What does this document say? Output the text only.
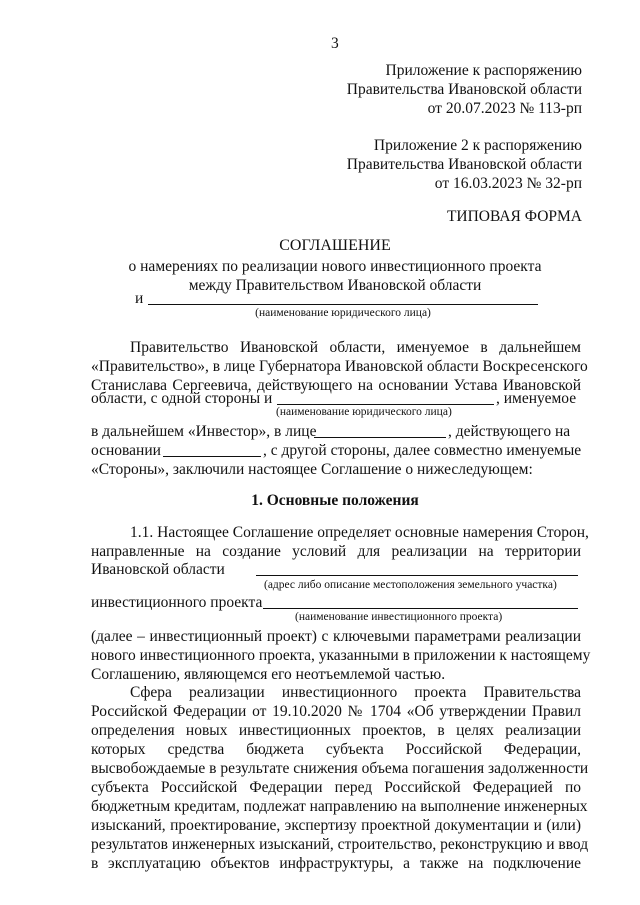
3
Приложение к распоряжению
Правительства Ивановской области
от 20.07.2023 № 113-рп
Приложение 2 к распоряжению
Правительства Ивановской области
от 16.03.2023 № 32-рп
ТИПОВАЯ ФОРМА
СОГЛАШЕНИЕ
о намерениях по реализации нового инвестиционного проекта
между Правительством Ивановской области
и
(наименование юридического лица)
Правительство Ивановской области, именуемое в дальнейшем
«Правительство», в лице Губернатора Ивановской области Воскресенского
Станислава Сергеевича, действующего на основании Устава Ивановской
области, с одной стороны и	, именуемое
(наименование юридического лица)
в дальнейшем «Инвестор», в лице	, действующего на
основании	, с другой стороны, далее совместно именуемые
«Стороны», заключили настоящее Соглашение о нижеследующем:
1. Основные положения
1.1. Настоящее Соглашение определяет основные намерения Сторон,
направленные на создание условий для реализации на территории
Ивановской области
(адрес либо описание местоположения земельного участка)
инвестиционного проекта
(наименование инвестиционного проекта)
(далее – инвестиционный проект) с ключевыми параметрами реализации
нового инвестиционного проекта, указанными в приложении к настоящему
Соглашению, являющемся его неотъемлемой частью.
Сфера реализации инвестиционного проекта Правительства
Российской Федерации от 19.10.2020 № 1704 «Об утверждении Правил
определения новых инвестиционных проектов, в целях реализации
которых средства бюджета субъекта Российской Федерации,
высвобождаемые в результате снижения объема погашения задолженности
субъекта Российской Федерации перед Российской Федерацией по
бюджетным кредитам, подлежат направлению на выполнение инженерных
изысканий, проектирование, экспертизу проектной документации и (или)
результатов инженерных изысканий, строительство, реконструкцию и ввод
в эксплуатацию объектов инфраструктуры, а также на подключение
